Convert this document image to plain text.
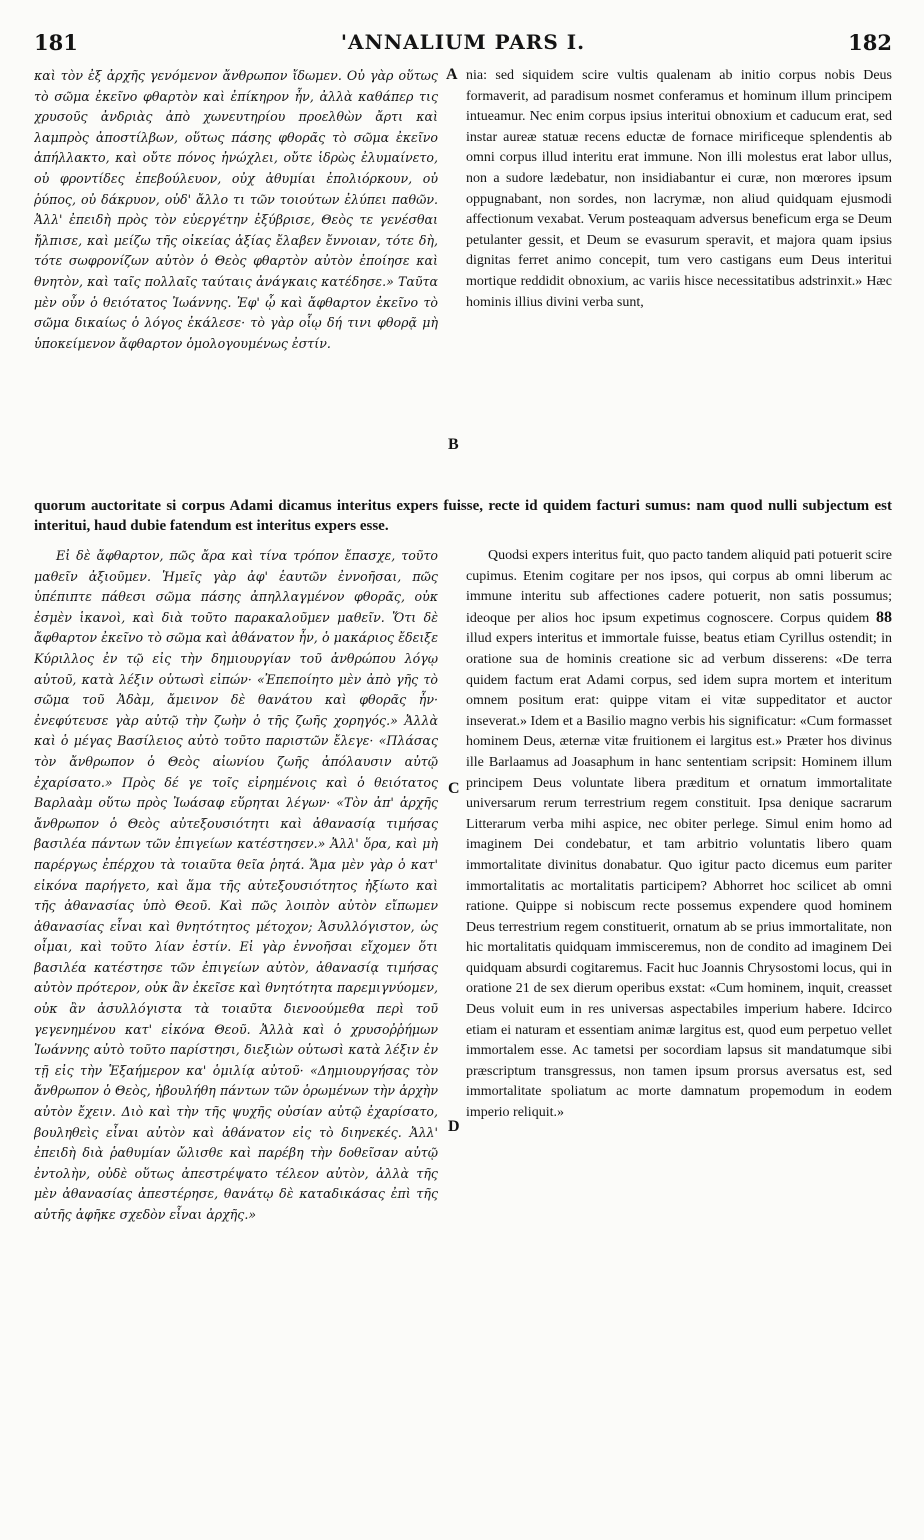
181	'ANNALIUM PARS I.	182

καὶ τὸν ἐξ ἀρχῆς γενόμενον ἄνθρωπον ἴδωμεν. Οὐ γὰρ οὕτως τὸ σῶμα ἐκεῖνο φθαρτὸν καὶ ἐπίκηρον ἦν, ἀλλὰ καθάπερ τις χρυσοῦς ἀνδριὰς ἀπὸ χωνευτηρίου προελθὼν ἄρτι καὶ λαμπρὸς ἀποστίλβων, οὕτως πάσης φθορᾶς τὸ σῶμα ἐκεῖνο ἀπήλλακτο, καὶ οὔτε πόνος ἠνώχλει, οὔτε ἱδρὼς ἐλυμαίνετο, οὐ φροντίδες ἐπεβούλευον, οὐχ ἀθυμίαι ἐπολιόρκουν, οὐ ῥύπος, οὐ δάκρυον, οὐδ' ἄλλο τι τῶν τοιούτων ἐλύπει παθῶν. Ἀλλ' ἐπειδὴ πρὸς τὸν εὐεργέτην ἐξύβρισε, Θεὸς τε γενέσθαι ἤλπισε, καὶ μείζω τῆς οἰκείας ἀξίας ἔλαβεν ἔννοιαν, τότε δὴ, τότε σωφρονίζων αὐτὸν ὁ Θεὸς φθαρτὸν αὐτὸν ἐποίησε καὶ θνητὸν, καὶ ταῖς πολλαῖς ταύταις ἀνάγκαις κατέδησε.» Ταῦτα μὲν οὖν ὁ θειότατος Ἰωάννης. Ἐφ' ᾧ καὶ ἄφθαρτον ἐκεῖνο τὸ σῶμα δικαίως ὁ λόγος ἐκάλεσε· τὸ γὰρ οἷῳ δή τινι φθορᾷ μὴ ὑποκείμενον ἄφθαρτον ὁμολογουμένως ἐστίν.

nia: sed siquidem scire vultis qualenam ab initio corpus nobis Deus formaverit, ad paradisum nosmet conferamus et hominum illum principem intueamur. Nec enim corpus ipsius interitui obnoxium et caducum erat, sed instar aureæ statuæ recens eductæ de fornace mirificeque splendentis ab omni corpus illud interitu erat immune. Non illi molestus erat labor ullus, non a sudore lædebatur, non insidiabantur ei curæ, non mœrores ipsum oppugnabant, non sordes, non lacrymæ, non aliud quidquam ejusmodi affectionum vexabat. Verum posteaquam adversus beneficum erga se Deum petulanter gessit, et Deum se evasurum speravit, et majora quam ipsius dignitas ferret animo concepit, tum vero castigans eum Deus interitui mortique reddidit obnoxium, ac variis hisce necessitatibus adstrinxit.» Hæc hominis illius divini verba sunt,

quorum auctoritate si corpus Adami dicamus interitus expers fuisse, recte id quidem facturi sumus: nam quod nulli subjectum est interitui, haud dubie fatendum est interitus expers esse.

Εἰ δὲ ἄφθαρτον, πῶς ἄρα καὶ τίνα τρόπον ἔπασχε, τοῦτο μαθεῖν ἀξιοῦμεν. Ἡμεῖς γὰρ ἀφ' ἑαυτῶν ἐννοῆσαι, πῶς ὑπέπιπτε πάθεσι σῶμα πάσης ἀπηλλαγμένον φθορᾶς, οὐκ ἐσμὲν ἱκανοὶ, καὶ διὰ τοῦτο παρακαλοῦμεν μαθεῖν. Ὅτι δὲ ἄφθαρτον ἐκεῖνο τὸ σῶμα καὶ ἀθάνατον ἦν, ὁ μακάριος ἔδειξε Κύριλλος ἐν τῷ εἰς τὴν δημιουργίαν τοῦ ἀνθρώπου λόγῳ αὐτοῦ, κατὰ λέξιν οὑτωσὶ εἰπών· «Ἐπεποίητο μὲν ἀπὸ γῆς τὸ σῶμα τοῦ Ἀδὰμ, ἄμεινον δὲ θανάτου καὶ φθορᾶς ἦν· ἐνεφύτευσε γὰρ αὐτῷ τὴν ζωὴν ὁ τῆς ζωῆς χορηγός.» Ἀλλὰ καὶ ὁ μέγας Βασίλειος αὐτὸ τοῦτο παριστῶν ἔλεγε· «Πλάσας τὸν ἄνθρωπον ὁ Θεὸς αἰωνίου ζωῆς ἀπόλαυσιν αὐτῷ ἐχαρίσατο.» Πρὸς δέ γε τοῖς εἰρημένοις καὶ ὁ θειότατος Βαρλαὰμ οὕτω πρὸς Ἰωάσαφ εὕρηται λέγων· «Τὸν ἀπ' ἀρχῆς ἄνθρωπον ὁ Θεὸς αὐτεξουσιότητι καὶ ἀθανασίᾳ τιμήσας βασιλέα πάντων τῶν ἐπιγείων κατέστησεν.» Ἀλλ' ὅρα, καὶ μὴ παρέργως ἐπέρχου τὰ τοιαῦτα θεῖα ῥητά. Ἅμα μὲν γὰρ ὁ κατ' εἰκόνα παρήγετο, καὶ ἅμα τῆς αὐτεξουσιότητος ἠξίωτο καὶ τῆς ἀθανασίας ὑπὸ Θεοῦ. Καὶ πῶς λοιπὸν αὐτὸν εἴπωμεν ἀθανασίας εἶναι καὶ θνητότητος μέτοχον; Ἀσυλλόγιστον, ὡς οἶμαι, καὶ τοῦτο λίαν ἐστίν. Εἰ γὰρ ἐννοῆσαι εἴχομεν ὅτι βασιλέα κατέστησε τῶν ἐπιγείων αὐτὸν, ἀθανασίᾳ τιμήσας αὐτὸν πρότερον, οὐκ ἂν ἐκεῖσε καὶ θνητότητα παρεμιγνύομεν, οὐκ ἂν ἀσυλλόγιστα τὰ τοιαῦτα διενοούμεθα περὶ τοῦ γεγενημένου κατ' εἰκόνα Θεοῦ. Ἀλλὰ καὶ ὁ χρυσοῤῥήμων Ἰωάννης αὐτὸ τοῦτο παρίστησι, διεξιὼν οὑτωσὶ κατὰ λέξιν ἐν τῇ εἰς τὴν Ἑξαήμερον κα' ὁμιλίᾳ αὐτοῦ· «Δημιουργήσας τὸν ἄνθρωπον ὁ Θεὸς, ἠβουλήθη πάντων τῶν ὁρωμένων τὴν ἀρχὴν αὐτὸν ἔχειν. Διὸ καὶ τὴν τῆς ψυχῆς οὐσίαν αὐτῷ ἐχαρίσατο, βουληθεὶς εἶναι αὐτὸν καὶ ἀθάνατον εἰς τὸ διηνεκές. Ἀλλ' ἐπειδὴ διὰ ῥαθυμίαν ὤλισθε καὶ παρέβη τὴν δοθεῖσαν αὐτῷ ἐντολὴν, οὐδὲ οὕτως ἀπεστρέψατο τέλεον αὐτὸν, ἀλλὰ τῆς μὲν ἀθανασίας ἀπεστέρησε, θανάτῳ δὲ καταδικάσας ἐπὶ τῆς αὐτῆς ἀφῆκε σχεδὸν εἶναι ἀρχῆς.»

Quodsi expers interitus fuit, quo pacto tandem aliquid pati potuerit scire cupimus. Etenim cogitare per nos ipsos, qui corpus ab omni liberum ac immune interitu sub affectiones cadere potuerit, non satis possumus; ideoque per alios hoc ipsum expetimus cognoscere. Corpus quidem 88 illud expers interitus et immortale fuisse, beatus etiam Cyrillus ostendit; in oratione sua de hominis creatione sic ad verbum disserens: «De terra quidem factum erat Adami corpus, sed idem supra mortem et interitum omnem positum erat: quippe vitam ei vitæ suppeditator et auctor inseverat.» Idem et a Basilio magno verbis his significatur: «Cum formasset hominem Deus, æternæ vitæ fruitionem ei largitus est.» Præter hos divinus ille Barlaamus ad Joasaphum in hanc sententiam scripsit: Hominem illum principem Deus voluntate libera præditum et ornatum immortalitate universarum rerum terrestrium regem constituit. Ipsa denique sacrarum Litterarum verba mihi aspice, nec obiter perlege. Simul enim homo ad imaginem Dei condebatur, et tam arbitrio voluntatis libero quam immortalitate divinitus donabatur. Quo igitur pacto dicemus eum pariter immortalitatis ac mortalitatis participem? Abhorret hoc scilicet ab omni ratione. Quippe si nobiscum recte possemus expendere quod hominem Deus terrestrium regem constituerit, ornatum ab se prius immortalitate, non hic mortalitatis quidquam immisceremus, non de condito ad imaginem Dei quidquam absurdi cogitaremus. Facit huc Joannis Chrysostomi locus, qui in oratione 21 de sex dierum operibus exstat: «Cum hominem, inquit, creasset Deus voluit eum in res universas aspectabiles imperium habere. Idcirco etiam ei naturam et essentiam animæ largitus est, quod eum perpetuo vellet immortalem esse. Ac tametsi per socordiam lapsus sit mandatumque sibi præscriptum transgressus, non tamen ipsum prorsus aversatus est, sed immortalitate spoliatum ac morte damnatum propemodum in eodem imperio reliquit.»

A
B
C
D
